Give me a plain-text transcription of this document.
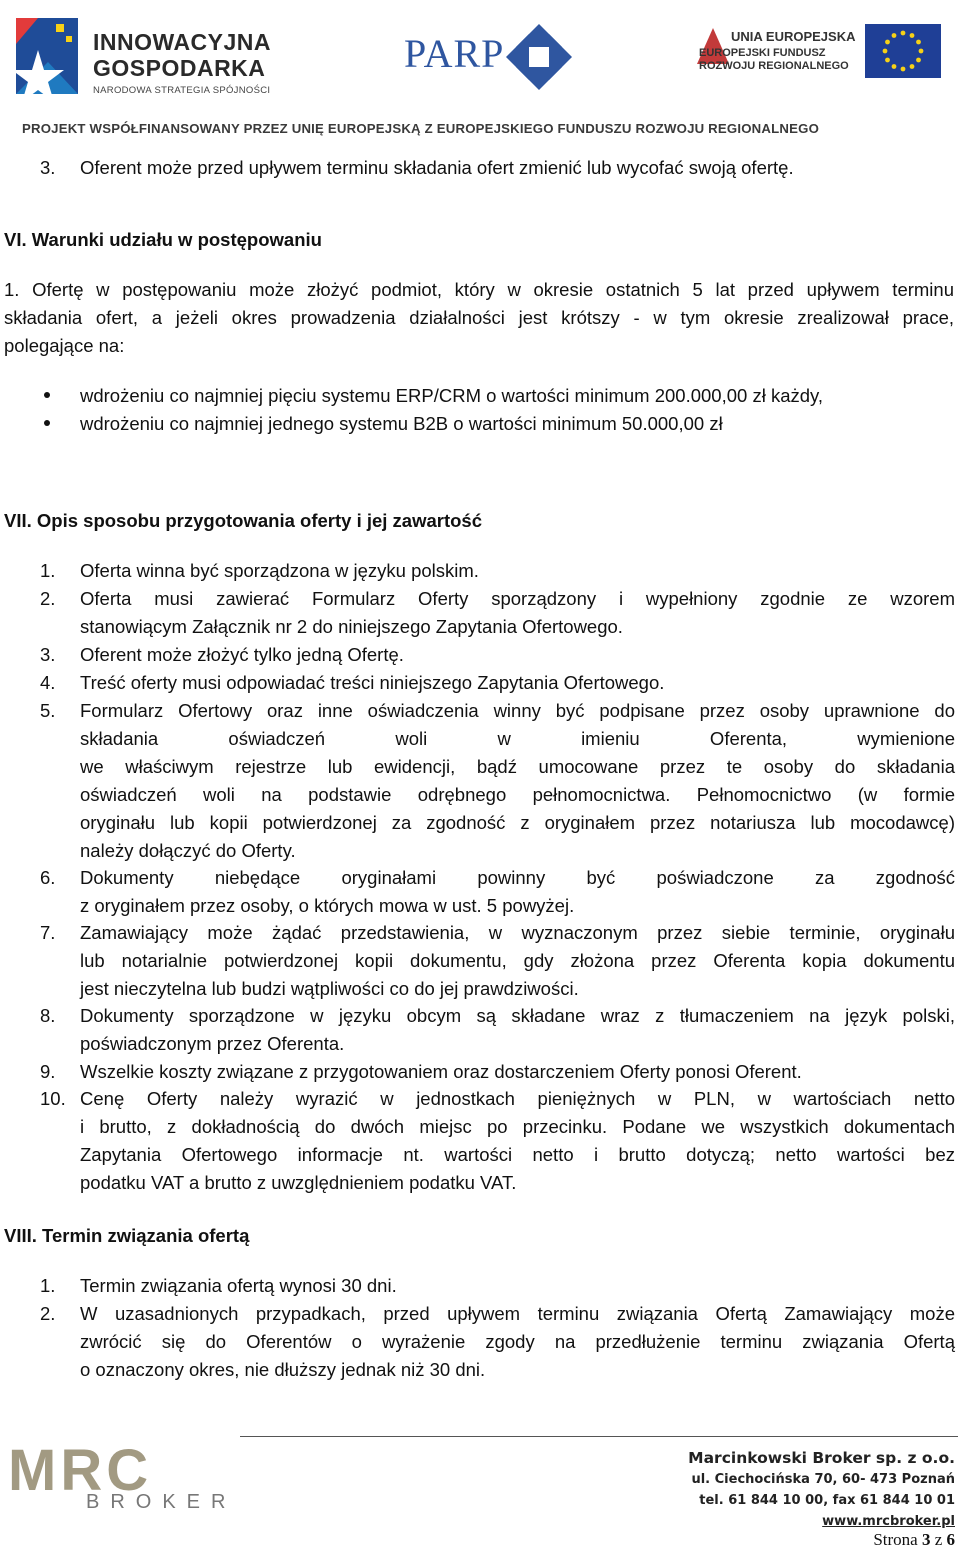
INNOWACYJNA
GOSPODARKA
NARODOWA STRATEGIA SPÓJNOŚCI
PARP	UNIA EUROPEJSKA
EUROPEJSKI FUNDUSZ
ROZWOJU REGIONALNEGO
PROJEKT WSPÓŁFINANSOWANY PRZEZ UNIĘ EUROPEJSKĄ Z EUROPEJSKIEGO FUNDUSZU ROZWOJU REGIONALNEGO
3. Oferent może przed upływem terminu składania ofert zmienić lub wycofać swoją ofertę.
VI. Warunki udziału w postępowaniu
1. Ofertę w postępowaniu może złożyć podmiot, który w okresie ostatnich 5 lat przed upływem terminu
składania ofert, a jeżeli okres prowadzenia działalności jest krótszy - w tym okresie zrealizował prace,
polegające na:
wdrożeniu co najmniej pięciu systemu ERP/CRM o wartości minimum 200.000,00 zł każdy,
wdrożeniu co najmniej jednego systemu B2B o wartości minimum 50.000,00 zł
VII. Opis sposobu przygotowania oferty i jej zawartość
1. Oferta winna być sporządzona w języku polskim.
2. Oferta musi zawierać Formularz Oferty sporządzony i wypełniony zgodnie ze wzorem
stanowiącym Załącznik nr 2 do niniejszego Zapytania Ofertowego.
3. Oferent może złożyć tylko jedną Ofertę.
4. Treść oferty musi odpowiadać treści niniejszego Zapytania Ofertowego.
5. Formularz Ofertowy oraz inne oświadczenia winny być podpisane przez osoby uprawnione do
składania oświadczeń woli w imieniu Oferenta, wymienione
we właściwym rejestrze lub ewidencji, bądź umocowane przez te osoby do składania
oświadczeń woli na podstawie odrębnego pełnomocnictwa. Pełnomocnictwo (w formie
oryginału lub kopii potwierdzonej za zgodność z oryginałem przez notariusza lub mocodawcę)
należy dołączyć do Oferty.
6. Dokumenty niebędące oryginałami powinny być poświadczone za zgodność
z oryginałem przez osoby, o których mowa w ust. 5 powyżej.
7. Zamawiający może żądać przedstawienia, w wyznaczonym przez siebie terminie, oryginału
lub notarialnie potwierdzonej kopii dokumentu, gdy złożona przez Oferenta kopia dokumentu
jest nieczytelna lub budzi wątpliwości co do jej prawdziwości.
8. Dokumenty sporządzone w języku obcym są składane wraz z tłumaczeniem na język polski,
poświadczonym przez Oferenta.
9. Wszelkie koszty związane z przygotowaniem oraz dostarczeniem Oferty ponosi Oferent.
10. Cenę Oferty należy wyrazić w jednostkach pieniężnych w PLN, w wartościach netto
i brutto, z dokładnością do dwóch miejsc po przecinku. Podane we wszystkich dokumentach
Zapytania Ofertowego informacje nt. wartości netto i brutto dotyczą; netto wartości bez
podatku VAT a brutto z uwzględnieniem podatku VAT.
VIII. Termin związania ofertą
1. Termin związania ofertą wynosi 30 dni.
2. W uzasadnionych przypadkach, przed upływem terminu związania Ofertą Zamawiający może
zwrócić się do Oferentów o wyrażenie zgody na przedłużenie terminu związania Ofertą
o oznaczony okres, nie dłuższy jednak niż 30 dni.
MRC
BROKER
Marcinkowski Broker sp. z o.o.
ul. Ciechocińska 70, 60- 473 Poznań
tel. 61 844 10 00, fax 61 844 10 01
www.mrcbroker.pl
Strona 3 z 6
